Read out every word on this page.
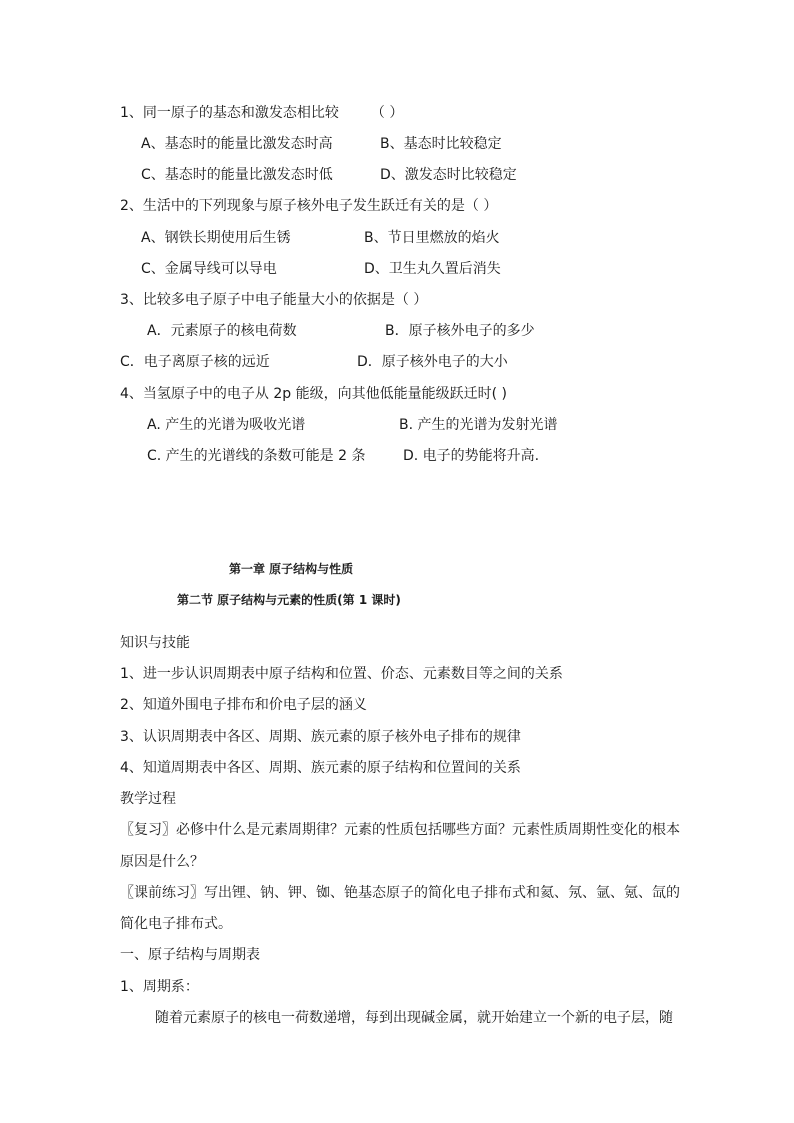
1、同一原子的基态和激发态相比较 （ ）
A、基态时的能量比激发态时高	B、基态时比较稳定
C、基态时的能量比激发态时低	D、激发态时比较稳定
2、生活中的下列现象与原子核外电子发生跃迁有关的是（ ）
A、钢铁长期使用后生锈	B、节日里燃放的焰火
C、金属导线可以导电	D、卫生丸久置后消失
3、比较多电子原子中电子能量大小的依据是（ ）
A．元素原子的核电荷数	B．原子核外电子的多少
C．电子离原子核的远近	D．原子核外电子的大小
4、当氢原子中的电子从 2p 能级，向其他低能量能级跃迁时( )
A. 产生的光谱为吸收光谱	B. 产生的光谱为发射光谱
C. 产生的光谱线的条数可能是 2 条	D. 电子的势能将升高.
第一章 原子结构与性质
第二节 原子结构与元素的性质(第 1 课时)
知识与技能
1、进一步认识周期表中原子结构和位置、价态、元素数目等之间的关系
2、知道外围电子排布和价电子层的涵义
3、认识周期表中各区、周期、族元素的原子核外电子排布的规律
4、知道周期表中各区、周期、族元素的原子结构和位置间的关系
教学过程
〖复习〗必修中什么是元素周期律？元素的性质包括哪些方面？元素性质周期性变化的根本
原因是什么？
〖课前练习〗写出锂、钠、钾、铷、铯基态原子的简化电子排布式和氦、氖、氩、氪、氙的
简化电子排布式。
一、原子结构与周期表
1、周期系：
随着元素原子的核电一荷数递增，每到出现碱金属，就开始建立一个新的电子层，随
